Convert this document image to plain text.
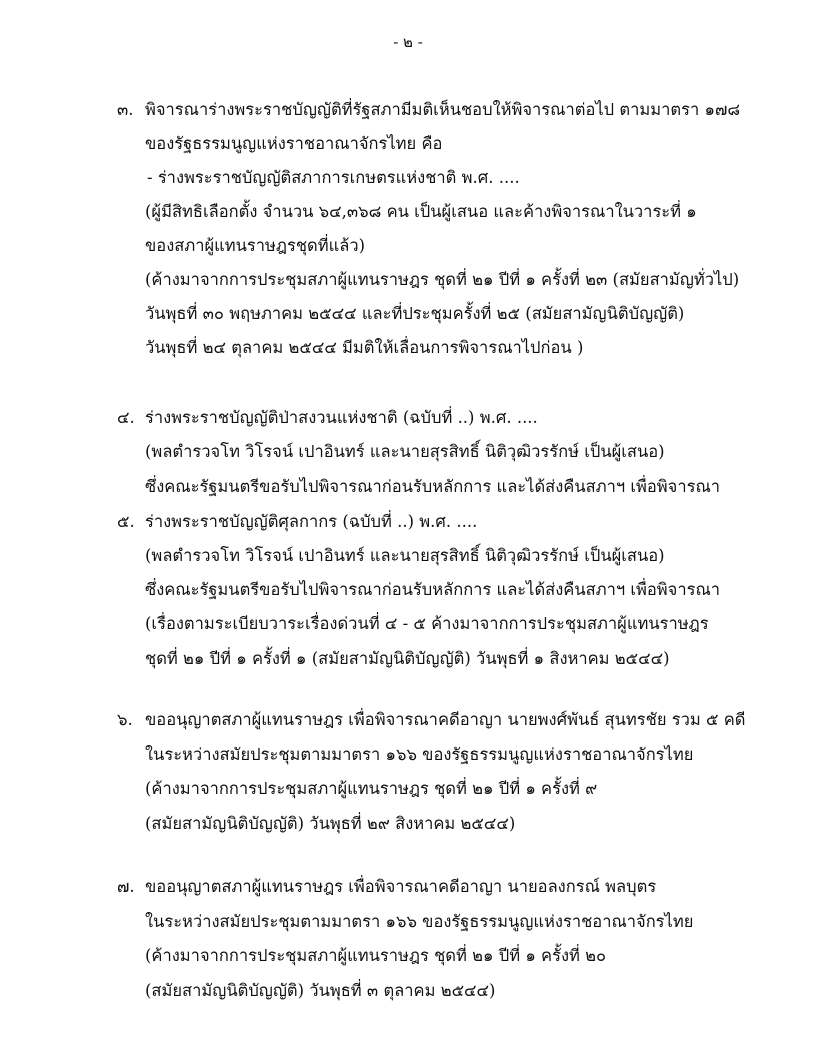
- ๒ -
๓. พิจารณาร่างพระราชบัญญัติที่รัฐสภามีมติเห็นชอบให้พิจารณาต่อไป ตามมาตรา ๑๗๘
ของรัฐธรรมนูญแห่งราชอาณาจักรไทย คือ
- ร่างพระราชบัญญัติสภาการเกษตรแห่งชาติ พ.ศ. ....
(ผู้มีสิทธิเลือกตั้ง จำนวน ๖๔,๓๖๘ คน เป็นผู้เสนอ และค้างพิจารณาในวาระที่ ๑
ของสภาผู้แทนราษฎรชุดที่แล้ว)
(ค้างมาจากการประชุมสภาผู้แทนราษฎร ชุดที่ ๒๑ ปีที่ ๑ ครั้งที่ ๒๓ (สมัยสามัญทั่วไป)
วันพุธที่ ๓๐ พฤษภาคม ๒๕๔๔ และที่ประชุมครั้งที่ ๒๕ (สมัยสามัญนิติบัญญัติ)
วันพุธที่ ๒๔ ตุลาคม ๒๕๔๔ มีมติให้เลื่อนการพิจารณาไปก่อน )
๔. ร่างพระราชบัญญัติป่าสงวนแห่งชาติ (ฉบับที่ ..) พ.ศ. ....
(พลตำรวจโท วิโรจน์ เปาอินทร์ และนายสุรสิทธิ์ นิติวุฒิวรรักษ์ เป็นผู้เสนอ)
ซึ่งคณะรัฐมนตรีขอรับไปพิจารณาก่อนรับหลักการ และได้ส่งคืนสภาฯ เพื่อพิจารณา
๕. ร่างพระราชบัญญัติศุลกากร (ฉบับที่ ..) พ.ศ. ....
(พลตำรวจโท วิโรจน์ เปาอินทร์ และนายสุรสิทธิ์ นิติวุฒิวรรักษ์ เป็นผู้เสนอ)
ซึ่งคณะรัฐมนตรีขอรับไปพิจารณาก่อนรับหลักการ และได้ส่งคืนสภาฯ เพื่อพิจารณา
(เรื่องตามระเบียบวาระเรื่องด่วนที่ ๔ - ๕ ค้างมาจากการประชุมสภาผู้แทนราษฎร
ชุดที่ ๒๑ ปีที่ ๑ ครั้งที่ ๑ (สมัยสามัญนิติบัญญัติ) วันพุธที่ ๑ สิงหาคม ๒๕๔๔)
๖. ขออนุญาตสภาผู้แทนราษฎร เพื่อพิจารณาคดีอาญา นายพงศ์พันธ์ สุนทรชัย รวม ๕ คดี
ในระหว่างสมัยประชุมตามมาตรา ๑๖๖ ของรัฐธรรมนูญแห่งราชอาณาจักรไทย
(ค้างมาจากการประชุมสภาผู้แทนราษฎร ชุดที่ ๒๑ ปีที่ ๑ ครั้งที่ ๙
(สมัยสามัญนิติบัญญัติ) วันพุธที่ ๒๙ สิงหาคม ๒๕๔๔)
๗. ขออนุญาตสภาผู้แทนราษฎร เพื่อพิจารณาคดีอาญา นายอลงกรณ์ พลบุตร
ในระหว่างสมัยประชุมตามมาตรา ๑๖๖ ของรัฐธรรมนูญแห่งราชอาณาจักรไทย
(ค้างมาจากการประชุมสภาผู้แทนราษฎร ชุดที่ ๒๑ ปีที่ ๑ ครั้งที่ ๒๐
(สมัยสามัญนิติบัญญัติ) วันพุธที่ ๓ ตุลาคม ๒๕๔๔)
